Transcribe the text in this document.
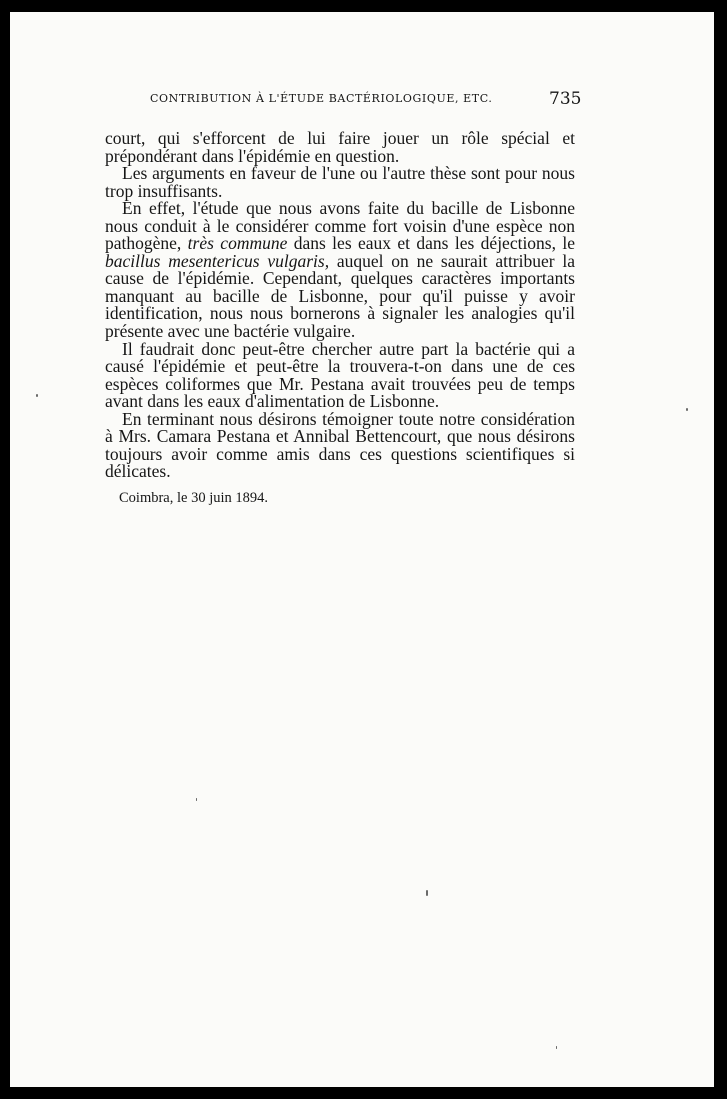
CONTRIBUTION À L'ÉTUDE BACTÉRIOLOGIQUE, ETC.	735

court, qui s'efforcent de lui faire jouer un rôle spécial et prépondérant dans l'épidémie en question.

Les arguments en faveur de l'une ou l'autre thèse sont pour nous trop insuffisants.

En effet, l'étude que nous avons faite du bacille de Lisbonne nous conduit à le considérer comme fort voisin d'une espèce non pathogène, très commune dans les eaux et dans les déjections, le bacillus mesentericus vulgaris, auquel on ne saurait attribuer la cause de l'épidémie. Cependant, quelques caractères importants manquant au bacille de Lisbonne, pour qu'il puisse y avoir identification, nous nous bornerons à signaler les analogies qu'il présente avec une bactérie vulgaire.

Il faudrait donc peut-être chercher autre part la bactérie qui a causé l'épidémie et peut-être la trouvera-t-on dans une de ces espèces coliformes que Mr. Pestana avait trouvées peu de temps avant dans les eaux d'alimentation de Lisbonne.

En terminant nous désirons témoigner toute notre considération à Mrs. Camara Pestana et Annibal Bettencourt, que nous désirons toujours avoir comme amis dans ces questions scientifiques si délicates.

Coimbra, le 30 juin 1894.
